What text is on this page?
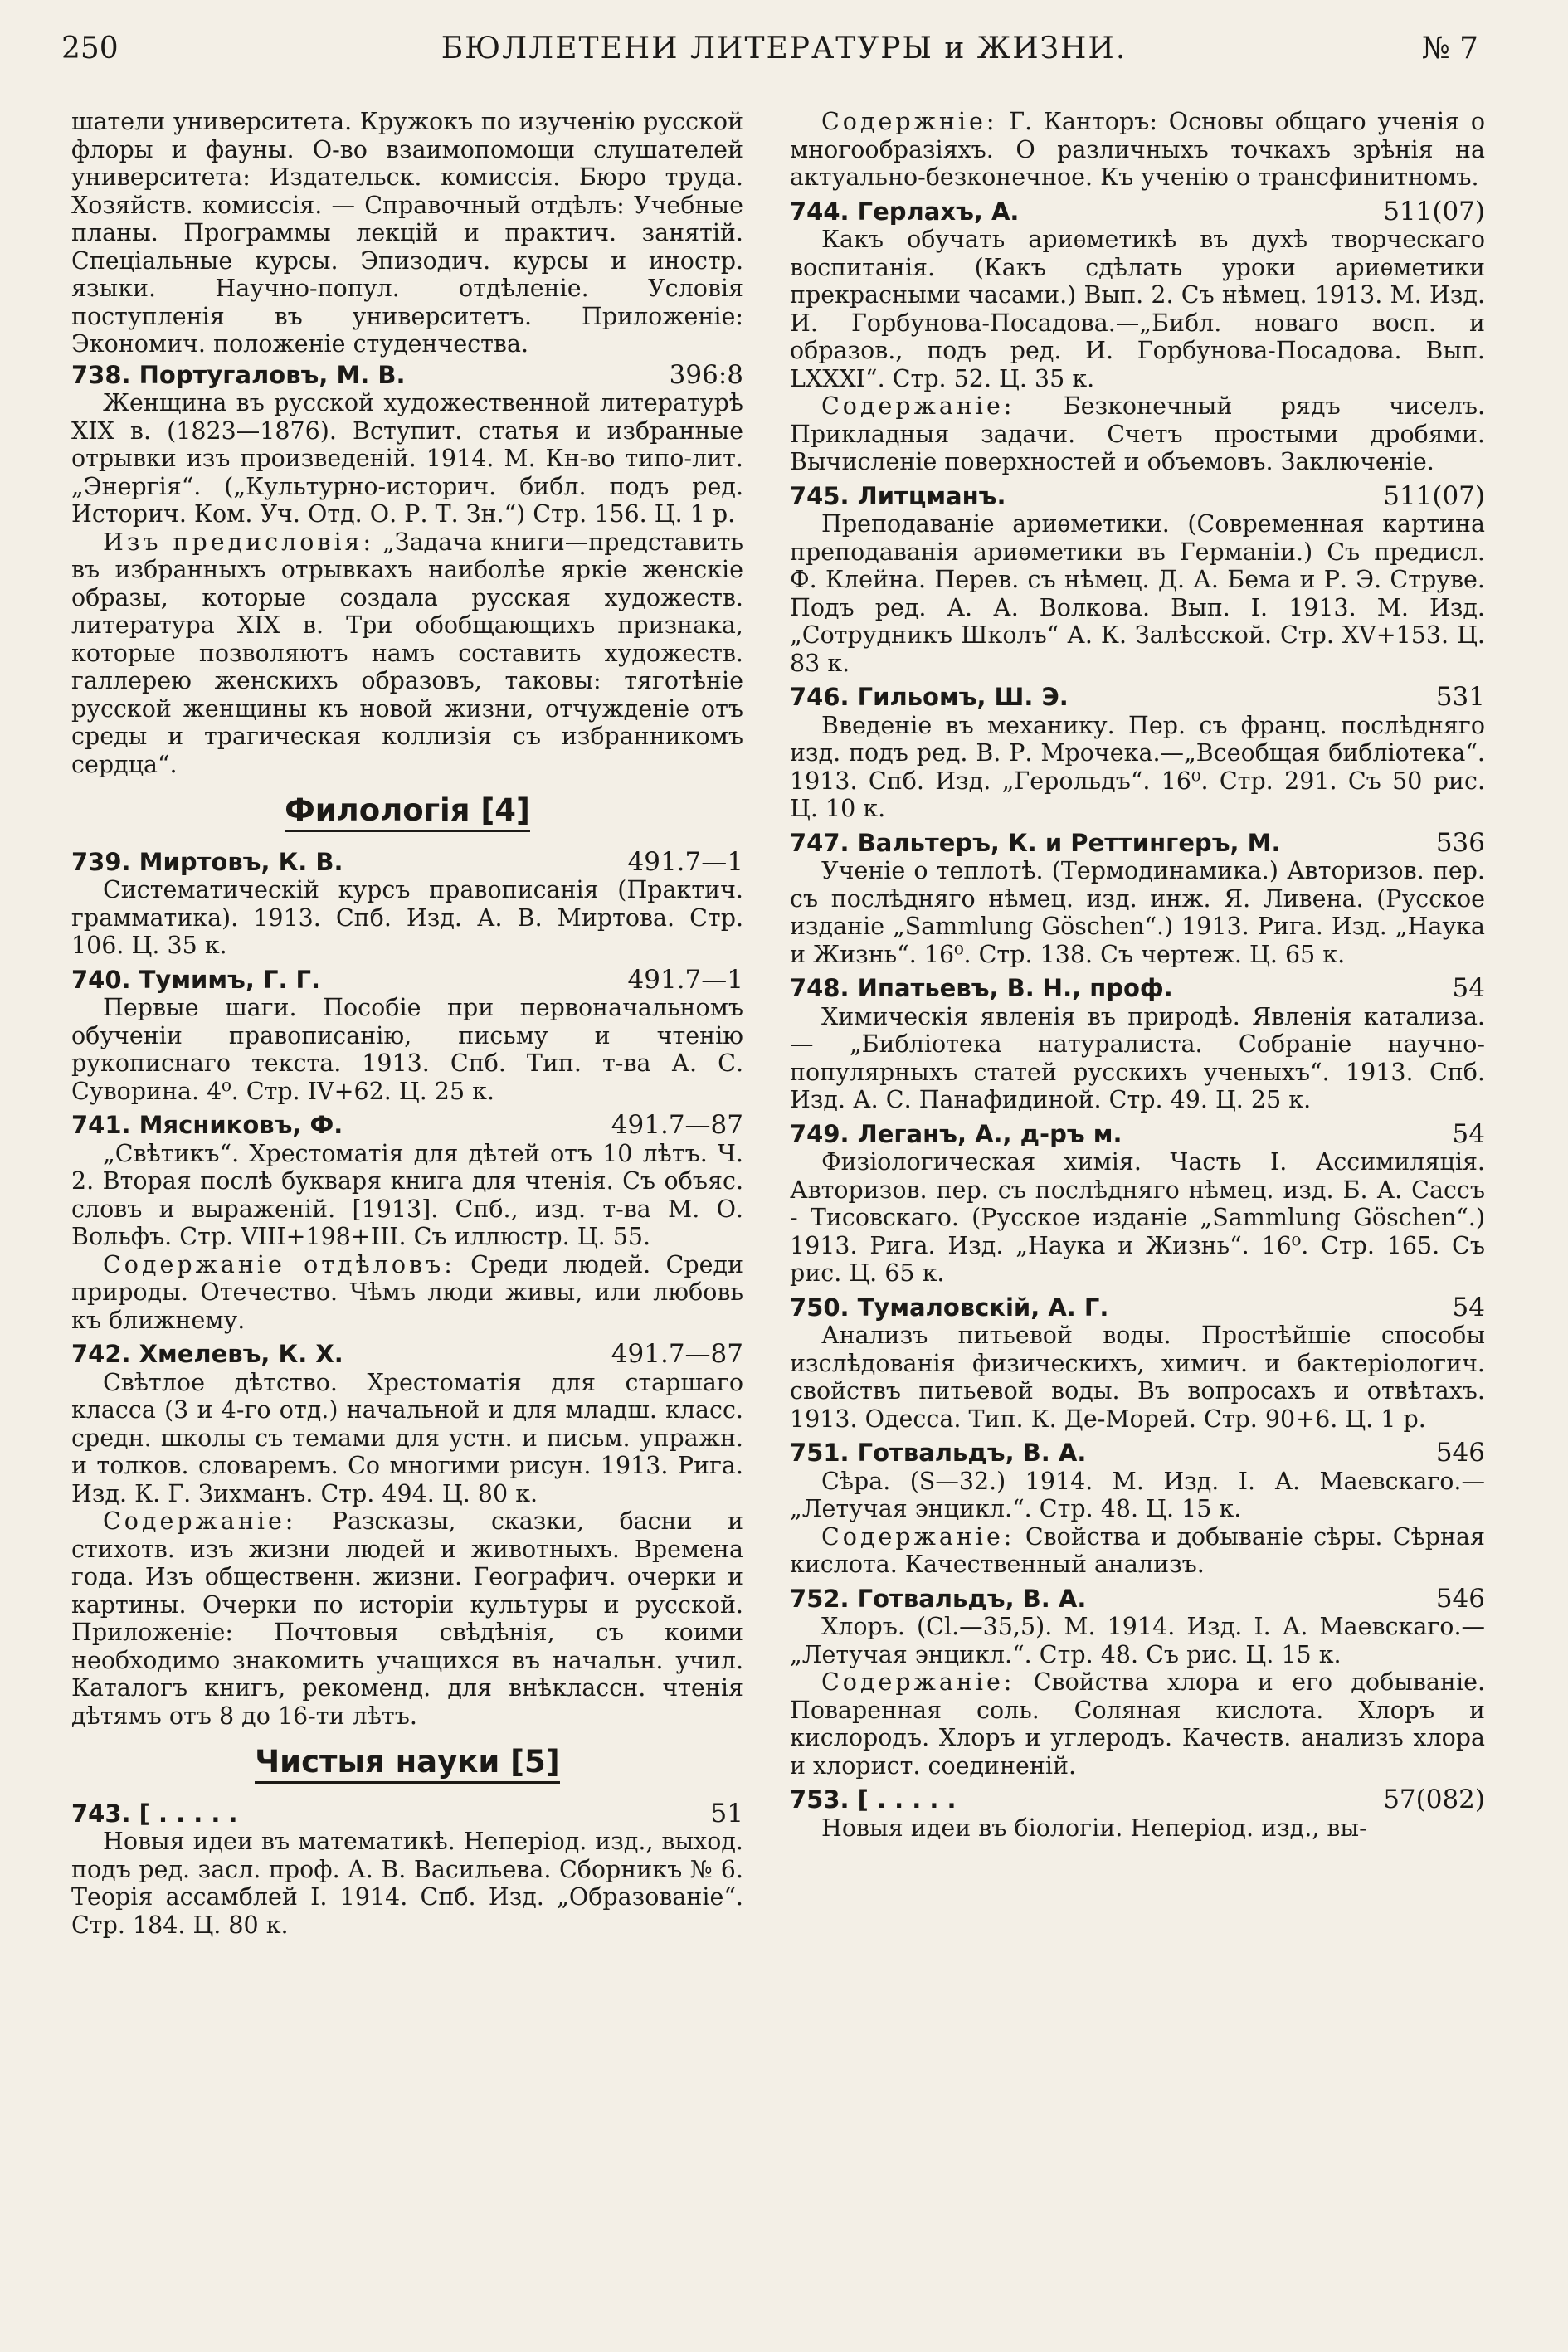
250	БЮЛЛЕТЕНИ ЛИТЕРАТУРЫ и ЖИЗНИ.	№ 7
шатели университета. Кружокъ по изученію русской флоры и фауны. О-во взаимопомощи слушателей университета: Издательск. комиссія. Бюро труда. Хозяйств. комиссія. — Справочный отдѣлъ: Учебные планы. Программы лекцій и практич. занятій. Спеціальные курсы. Эпизодич. курсы и иностр. языки. Научно-попул. отдѣленіе. Условія поступленія въ университетъ. Приложеніе: Экономич. положеніе студенчества.
738. Португаловъ, М. В.	396:8
Женщина въ русской художественной литературѣ XIX в. (1823—1876). Вступит. статья и избранные отрывки изъ произведеній. 1914. М. Кн-во типо-лит. „Энергія“. („Культурно-историч. библ. подъ ред. Историч. Ком. Уч. Отд. О. Р. Т. Зн.“) Стр. 156. Ц. 1 р.
Изъ предисловія: „Задача книги—представить въ избранныхъ отрывкахъ наиболѣе яркіе женскіе образы, которые создала русская художеств. литература XIX в. Три обобщающихъ признака, которые позволяютъ намъ составить художеств. галлерею женскихъ образовъ, таковы: тяготѣніе русской женщины къ новой жизни, отчужденіе отъ среды и трагическая коллизія съ избранникомъ сердца“.
Филологія [4]
739. Миртовъ, К. В.	491.7—1
Систематическій курсъ правописанія (Практич. грамматика). 1913. Спб. Изд. А. В. Миртова. Стр. 106. Ц. 35 к.
740. Тумимъ, Г. Г.	491.7—1
Первые шаги. Пособіе при первоначальномъ обученіи правописанію, письму и чтенію рукописнаго текста. 1913. Спб. Тип. т-ва А. С. Суворина. 4⁰. Стр. IV+62. Ц. 25 к.
741. Мясниковъ, Ф.	491.7—87
„Свѣтикъ“. Хрестоматія для дѣтей отъ 10 лѣтъ. Ч. 2. Вторая послѣ букваря книга для чтенія. Съ объяс. словъ и выраженій. [1913]. Спб., изд. т-ва М. О. Вольфъ. Стр. VIII+198+III. Съ иллюстр. Ц. 55.
Содержаніе отдѣловъ: Среди людей. Среди природы. Отечество. Чѣмъ люди живы, или любовь къ ближнему.
742. Хмелевъ, К. Х.	491.7—87
Свѣтлое дѣтство. Хрестоматія для старшаго класса (3 и 4-го отд.) начальной и для младш. класс. средн. школы съ темами для устн. и письм. упражн. и толков. словаремъ. Со многими рисун. 1913. Рига. Изд. К. Г. Зихманъ. Стр. 494. Ц. 80 к.
Содержаніе: Разсказы, сказки, басни и стихотв. изъ жизни людей и животныхъ. Времена года. Изъ общественн. жизни. Географич. очерки и картины. Очерки по исторіи культуры и русской. Приложеніе: Почтовыя свѣдѣнія, съ коими необходимо знакомить учащихся въ начальн. учил. Каталогъ книгъ, рекоменд. для внѣклассн. чтенія дѣтямъ отъ 8 до 16-ти лѣтъ.
Чистыя науки [5]
743. [ . . . . .	51
Новыя идеи въ математикѣ. Неперіод. изд., выход. подъ ред. засл. проф. А. В. Васильева. Сборникъ № 6. Теорія ассамблей I. 1914. Спб. Изд. „Образованіе“. Стр. 184. Ц. 80 к.
Содержніе: Г. Канторъ: Основы общаго ученія о многообразіяхъ. О различныхъ точкахъ зрѣнія на актуально-безконечное. Къ ученію о трансфинитномъ.
744. Герлахъ, А.	511(07)
Какъ обучать ариѳметикѣ въ духѣ творческаго воспитанія. (Какъ сдѣлать уроки ариѳметики прекрасными часами.) Вып. 2. Съ нѣмец. 1913. М. Изд. И. Горбунова-Посадова.—„Библ. новаго восп. и образов., подъ ред. И. Горбунова-Посадова. Вып. LXXXI“. Стр. 52. Ц. 35 к.
Содержаніе: Безконечный рядъ чиселъ. Прикладныя задачи. Счетъ простыми дробями. Вычисленіе поверхностей и объемовъ. Заключеніе.
745. Литцманъ.	511(07)
Преподаваніе ариѳметики. (Современная картина преподаванія ариѳметики въ Германіи.) Съ предисл. Ф. Клейна. Перев. съ нѣмец. Д. А. Бема и Р. Э. Струве. Подъ ред. А. А. Волкова. Вып. I. 1913. М. Изд. „Сотрудникъ Школъ“ А. К. Залѣсской. Стр. XV+153. Ц. 83 к.
746. Гильомъ, Ш. Э.	531
Введеніе въ механику. Пер. съ франц. послѣдняго изд. подъ ред. В. Р. Мрочека.—„Всеобщая библіотека“. 1913. Спб. Изд. „Герольдъ“. 16⁰. Стр. 291. Съ 50 рис. Ц. 10 к.
747. Вальтеръ, К. и Реттингеръ, М.	536
Ученіе о теплотѣ. (Термодинамика.) Авторизов. пер. съ послѣдняго нѣмец. изд. инж. Я. Ливена. (Русское изданіе „Sammlung Göschen“.) 1913. Рига. Изд. „Наука и Жизнь“. 16⁰. Стр. 138. Съ чертеж. Ц. 65 к.
748. Ипатьевъ, В. Н., проф.	54
Химическія явленія въ природѣ. Явленія катализа. — „Библіотека натуралиста. Собраніе научно-популярныхъ статей русскихъ ученыхъ“. 1913. Спб. Изд. А. С. Панафидиной. Стр. 49. Ц. 25 к.
749. Леганъ, А., д-ръ м.	54
Физіологическая химія. Часть I. Ассимиляція. Авторизов. пер. съ послѣдняго нѣмец. изд. Б. А. Сассъ - Тисовскаго. (Русское изданіе „Sammlung Göschen“.) 1913. Рига. Изд. „Наука и Жизнь“. 16⁰. Стр. 165. Съ рис. Ц. 65 к.
750. Тумаловскій, А. Г.	54
Анализъ питьевой воды. Простѣйшіе способы изслѣдованія физическихъ, химич. и бактеріологич. свойствъ питьевой воды. Въ вопросахъ и отвѣтахъ. 1913. Одесса. Тип. К. Де-Морей. Стр. 90+6. Ц. 1 р.
751. Готвальдъ, В. А.	546
Сѣра. (S—32.) 1914. М. Изд. I. А. Маевскаго.—„Летучая энцикл.“. Стр. 48. Ц. 15 к.
Содержаніе: Свойства и добываніе сѣры. Сѣрная кислота. Качественный анализъ.
752. Готвальдъ, В. А.	546
Хлоръ. (Cl.—35,5). М. 1914. Изд. I. А. Маевскаго.—„Летучая энцикл.“. Стр. 48. Съ рис. Ц. 15 к.
Содержаніе: Свойства хлора и его добываніе. Поваренная соль. Соляная кислота. Хлоръ и кислородъ. Хлоръ и углеродъ. Качеств. анализъ хлора и хлорист. соединеній.
753. [ . . . . .	57(082)
Новыя идеи въ біологіи. Неперіод. изд., вы-
